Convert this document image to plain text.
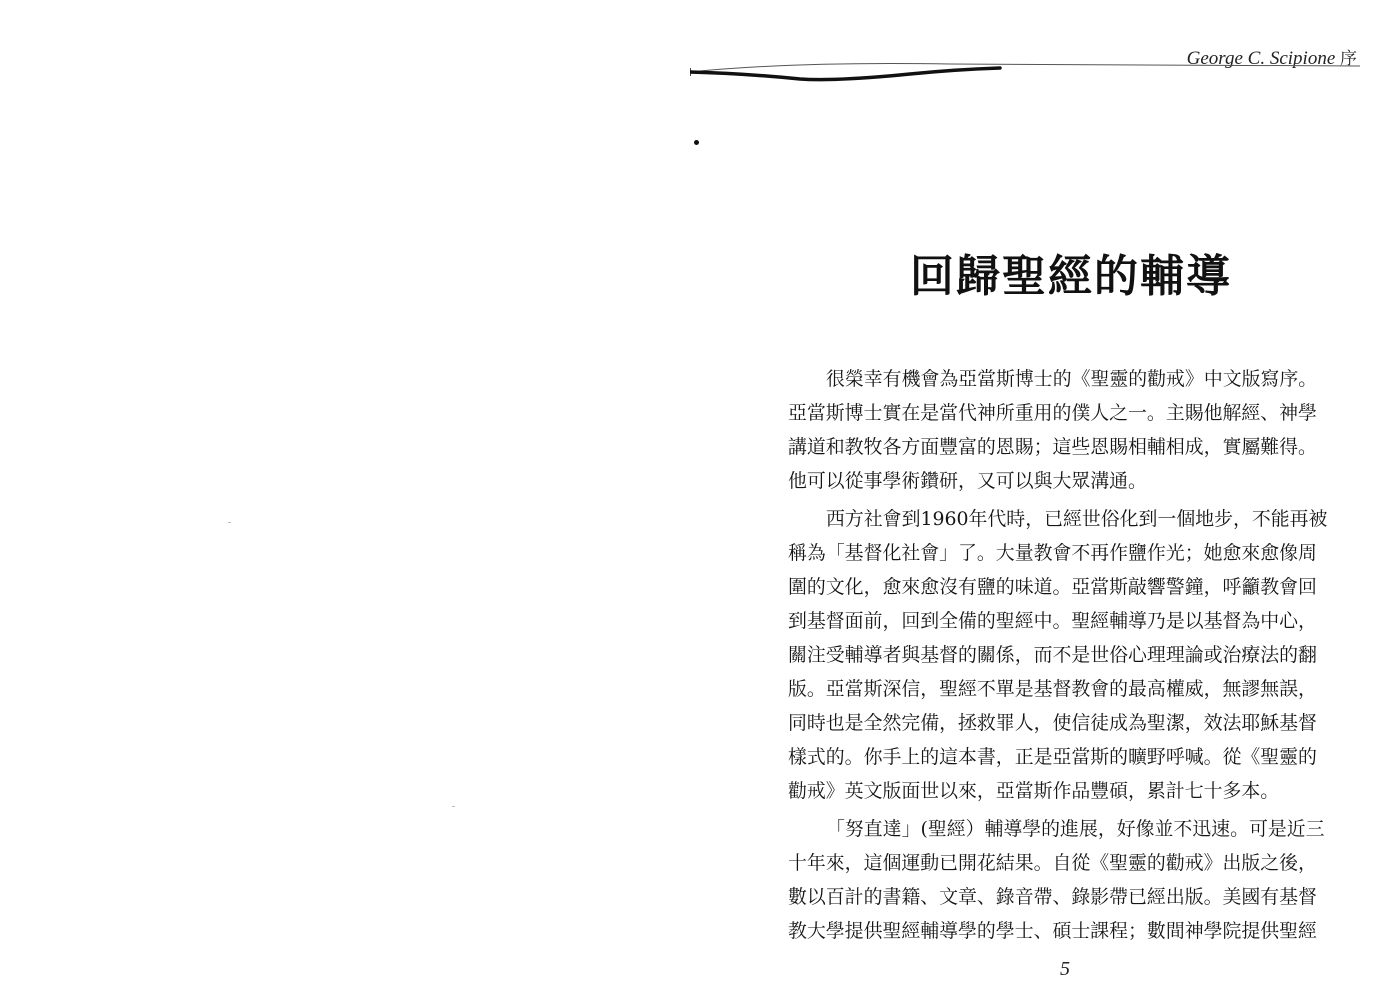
George C. Scipione 序
回歸聖經的輔導
很榮幸有機會為亞當斯博士的《聖靈的勸戒》中文版寫序。
亞當斯博士實在是當代神所重用的僕人之一。主賜他解經、神學
講道和教牧各方面豐富的恩賜；這些恩賜相輔相成，實屬難得。
他可以從事學術鑽研，又可以與大眾溝通。
西方社會到1960年代時，已經世俗化到一個地步，不能再被
稱為「基督化社會」了。大量教會不再作鹽作光；她愈來愈像周
圍的文化，愈來愈沒有鹽的味道。亞當斯敲響警鐘，呼籲教會回
到基督面前，回到全備的聖經中。聖經輔導乃是以基督為中心，
關注受輔導者與基督的關係，而不是世俗心理理論或治療法的翻
版。亞當斯深信，聖經不單是基督教會的最高權威，無謬無誤，
同時也是全然完備，拯救罪人，使信徒成為聖潔，效法耶穌基督
樣式的。你手上的這本書，正是亞當斯的曠野呼喊。從《聖靈的
勸戒》英文版面世以來，亞當斯作品豐碩，累計七十多本。
「努直達」(聖經）輔導學的進展，好像並不迅速。可是近三
十年來，這個運動已開花結果。自從《聖靈的勸戒》出版之後，
數以百計的書籍、文章、錄音帶、錄影帶已經出版。美國有基督
教大學提供聖經輔導學的學士、碩士課程；數間神學院提供聖經
5
